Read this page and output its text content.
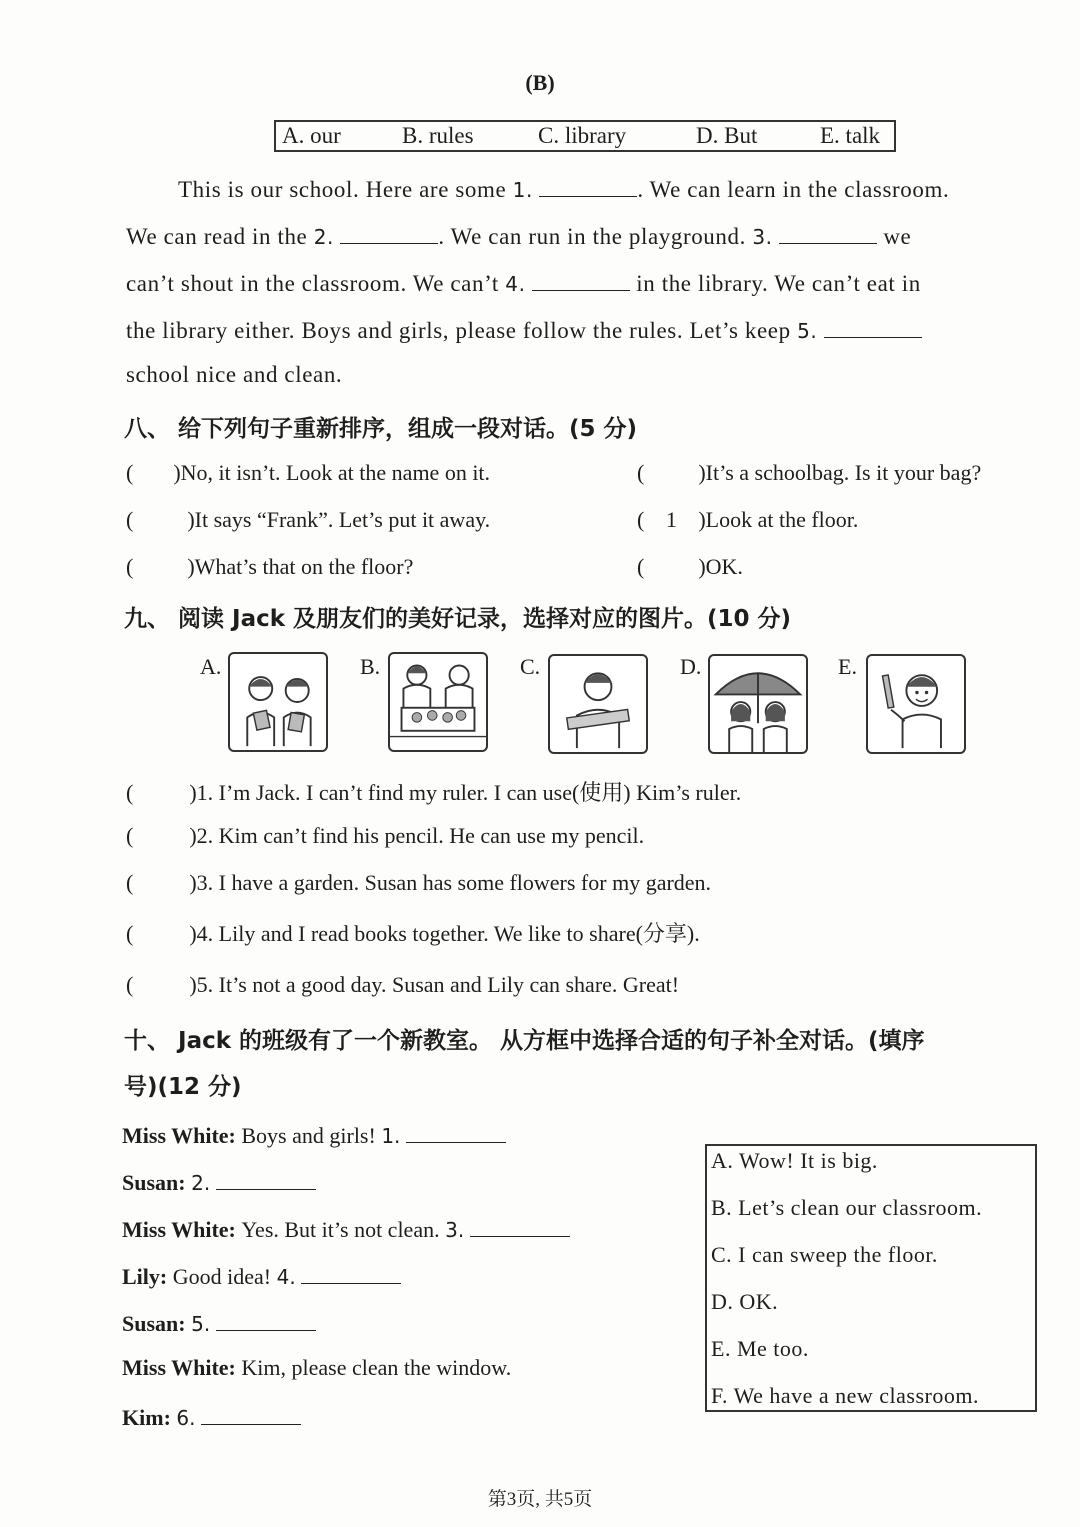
(B)
A. our	B. rules	C. library	D. But	E. talk
This is our school. Here are some 1.	. We can learn in the classroom.
We can read in the 2.	. We can run in the playground. 3.	we
can’t shout in the classroom. We can’t 4.	in the library. We can’t eat in
the library either. Boys and girls, please follow the rules. Let’s keep 5.
school nice and clean.
八、 给下列句子重新排序，组成一段对话。(5 分)
( )No, it isn’t. Look at the name on it.	( )It’s a schoolbag. Is it your bag?
( )It says “Frank”. Let’s put it away.	( 1 )Look at the floor.
( )What’s that on the floor?	( )OK.
九、 阅读 Jack 及朋友们的美好记录，选择对应的图片。(10 分)
A.	B.	C.	D.	E.
(	)1. I’m Jack. I can’t find my ruler. I can use(使用) Kim’s ruler.
(	)2. Kim can’t find his pencil. He can use my pencil.
(	)3. I have a garden. Susan has some flowers for my garden.
(	)4. Lily and I read books together. We like to share(分享).
(	)5. It’s not a good day. Susan and Lily can share. Great!
十、 Jack 的班级有了一个新教室。 从方框中选择合适的句子补全对话。(填序
号)(12 分)
Miss White: Boys and girls! 1.
Susan: 2.
Miss White: Yes. But it’s not clean. 3.
Lily: Good idea! 4.
Susan: 5.
Miss White: Kim, please clean the window.
Kim: 6.
A. Wow! It is big.
B. Let’s clean our classroom.
C. I can sweep the floor.
D. OK.
E. Me too.
F. We have a new classroom.
第3页, 共5页
